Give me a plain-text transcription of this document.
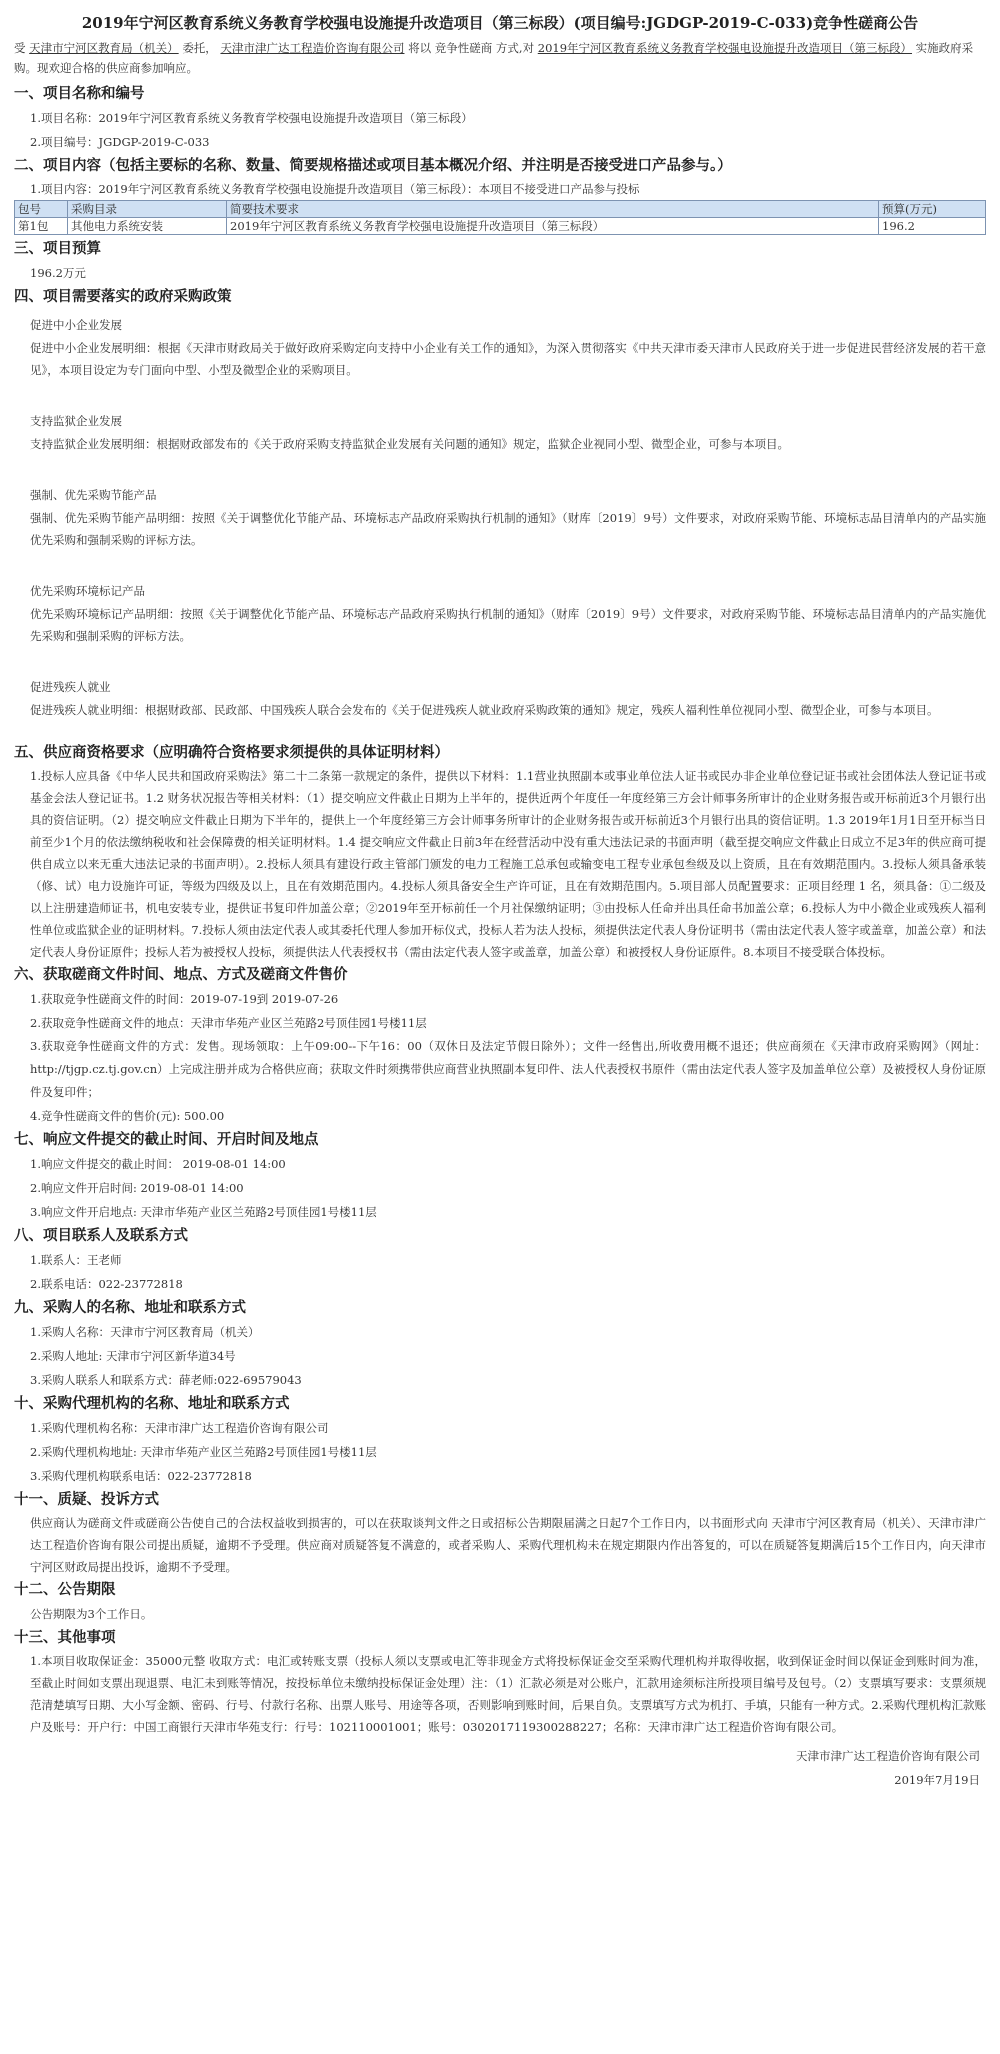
2019年宁河区教育系统义务教育学校强电设施提升改造项目（第三标段）(项目编号:JGDGP-2019-C-033)竞争性磋商公告
受 天津市宁河区教育局（机关） 委托， 天津市津广达工程造价咨询有限公司 将以 竞争性磋商 方式,对 2019年宁河区教育系统义务教育学校强电设施提升改造项目（第三标段） 实施政府采购。现欢迎合格的供应商参加响应。
一、项目名称和编号
1.项目名称：2019年宁河区教育系统义务教育学校强电设施提升改造项目（第三标段）
2.项目编号：JGDGP-2019-C-033
二、项目内容（包括主要标的名称、数量、简要规格描述或项目基本概况介绍、并注明是否接受进口产品参与。）
1.项目内容：2019年宁河区教育系统义务教育学校强电设施提升改造项目（第三标段）：本项目不接受进口产品参与投标
包号	采购目录	简要技术要求	预算(万元)
第1包	其他电力系统安装	2019年宁河区教育系统义务教育学校强电设施提升改造项目（第三标段）	196.2
三、项目预算
196.2万元
四、项目需要落实的政府采购政策
促进中小企业发展
促进中小企业发展明细：根据《天津市财政局关于做好政府采购定向支持中小企业有关工作的通知》，为深入贯彻落实《中共天津市委天津市人民政府关于进一步促进民营经济发展的若干意见》，本项目设定为专门面向中型、小型及微型企业的采购项目。
支持监狱企业发展
支持监狱企业发展明细：根据财政部发布的《关于政府采购支持监狱企业发展有关问题的通知》规定，监狱企业视同小型、微型企业，可参与本项目。
强制、优先采购节能产品
强制、优先采购节能产品明细：按照《关于调整优化节能产品、环境标志产品政府采购执行机制的通知》（财库〔2019〕9号）文件要求，对政府采购节能、环境标志品目清单内的产品实施优先采购和强制采购的评标方法。
优先采购环境标记产品
优先采购环境标记产品明细：按照《关于调整优化节能产品、环境标志产品政府采购执行机制的通知》（财库〔2019〕9号）文件要求，对政府采购节能、环境标志品目清单内的产品实施优先采购和强制采购的评标方法。
促进残疾人就业
促进残疾人就业明细：根据财政部、民政部、中国残疾人联合会发布的《关于促进残疾人就业政府采购政策的通知》规定，残疾人福利性单位视同小型、微型企业，可参与本项目。
五、供应商资格要求（应明确符合资格要求须提供的具体证明材料）
1.投标人应具备《中华人民共和国政府采购法》第二十二条第一款规定的条件，提供以下材料：1.1营业执照副本或事业单位法人证书或民办非企业单位登记证书或社会团体法人登记证书或基金会法人登记证书。1.2 财务状况报告等相关材料：（1）提交响应文件截止日期为上半年的，提供近两个年度任一年度经第三方会计师事务所审计的企业财务报告或开标前近3个月银行出具的资信证明。（2）提交响应文件截止日期为下半年的，提供上一个年度经第三方会计师事务所审计的企业财务报告或开标前近3个月银行出具的资信证明。1.3 2019年1月1日至开标当日前至少1个月的依法缴纳税收和社会保障费的相关证明材料。1.4 提交响应文件截止日前3年在经营活动中没有重大违法记录的书面声明（截至提交响应文件截止日成立不足3年的供应商可提供自成立以来无重大违法记录的书面声明）。2.投标人须具有建设行政主管部门颁发的电力工程施工总承包或输变电工程专业承包叁级及以上资质，且在有效期范围内。3.投标人须具备承装（修、试）电力设施许可证，等级为四级及以上，且在有效期范围内。4.投标人须具备安全生产许可证，且在有效期范围内。5.项目部人员配置要求：正项目经理 1 名，须具备：①二级及以上注册建造师证书，机电安装专业，提供证书复印件加盖公章；②2019年至开标前任一个月社保缴纳证明；③由投标人任命并出具任命书加盖公章；6.投标人为中小微企业或残疾人福利性单位或监狱企业的证明材料。7.投标人须由法定代表人或其委托代理人参加开标仪式，投标人若为法人投标，须提供法定代表人身份证明书（需由法定代表人签字或盖章，加盖公章）和法定代表人身份证原件；投标人若为被授权人投标，须提供法人代表授权书（需由法定代表人签字或盖章，加盖公章）和被授权人身份证原件。8.本项目不接受联合体投标。
六、获取磋商文件时间、地点、方式及磋商文件售价
1.获取竞争性磋商文件的时间：2019-07-19到 2019-07-26
2.获取竞争性磋商文件的地点：天津市华苑产业区兰苑路2号顶佳园1号楼11层
3.获取竞争性磋商文件的方式：发售。现场领取：上午09:00--下午16：00（双休日及法定节假日除外）；文件一经售出,所收费用概不退还；供应商须在《天津市政府采购网》（网址：http://tjgp.cz.tj.gov.cn）上完成注册并成为合格供应商；获取文件时须携带供应商营业执照副本复印件、法人代表授权书原件（需由法定代表人签字及加盖单位公章）及被授权人身份证原件及复印件；
4.竞争性磋商文件的售价(元): 500.00
七、响应文件提交的截止时间、开启时间及地点
1.响应文件提交的截止时间： 2019-08-01 14:00
2.响应文件开启时间: 2019-08-01 14:00
3.响应文件开启地点: 天津市华苑产业区兰苑路2号顶佳园1号楼11层
八、项目联系人及联系方式
1.联系人：王老师
2.联系电话：022-23772818
九、采购人的名称、地址和联系方式
1.采购人名称：天津市宁河区教育局（机关）
2.采购人地址: 天津市宁河区新华道34号
3.采购人联系人和联系方式：薛老师:022-69579043
十、采购代理机构的名称、地址和联系方式
1.采购代理机构名称：天津市津广达工程造价咨询有限公司
2.采购代理机构地址: 天津市华苑产业区兰苑路2号顶佳园1号楼11层
3.采购代理机构联系电话：022-23772818
十一、质疑、投诉方式
供应商认为磋商文件或磋商公告使自己的合法权益收到损害的，可以在获取谈判文件之日或招标公告期限届满之日起7个工作日内，以书面形式向 天津市宁河区教育局（机关）、天津市津广达工程造价咨询有限公司提出质疑，逾期不予受理。供应商对质疑答复不满意的，或者采购人、采购代理机构未在规定期限内作出答复的，可以在质疑答复期满后15个工作日内，向天津市宁河区财政局提出投诉，逾期不予受理。
十二、公告期限
公告期限为3个工作日。
十三、其他事项
1.本项目收取保证金：35000元整 收取方式：电汇或转账支票（投标人须以支票或电汇等非现金方式将投标保证金交至采购代理机构并取得收据，收到保证金时间以保证金到账时间为准，至截止时间如支票出现退票、电汇未到账等情况，按投标单位未缴纳投标保证金处理）注：（1）汇款必须是对公账户，汇款用途须标注所投项目编号及包号。（2）支票填写要求：支票须规范清楚填写日期、大小写金额、密码、行号、付款行名称、出票人账号、用途等各项，否则影响到账时间，后果自负。支票填写方式为机打、手填，只能有一种方式。2.采购代理机构汇款账户及账号：开户行：中国工商银行天津市华苑支行：行号：102110001001；账号：0302017119300288227；名称：天津市津广达工程造价咨询有限公司。
天津市津广达工程造价咨询有限公司
2019年7月19日
